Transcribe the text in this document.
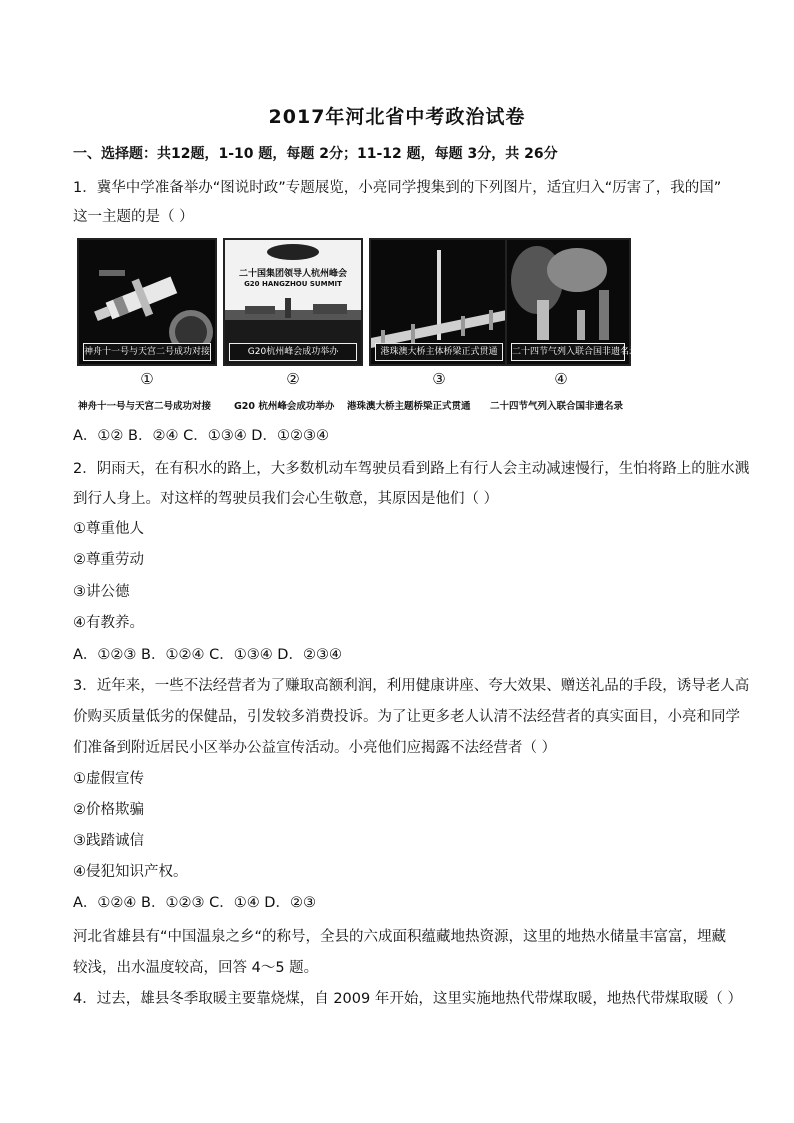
2017年河北省中考政治试卷
一、选择题：共12题，1-10 题，每题 2分；11-12 题，每题 3分，共 26分
1．冀华中学准备举办“图说时政”专题展览，小亮同学搜集到的下列图片，适宜归入“厉害了，我的国”
这一主题的是（ ）
神舟十一号与天宫二号成功对接
二十国集团领导人杭州峰会
G20 HANGZHOU SUMMIT
G20杭州峰会成功举办	港珠澳大桥主体桥梁正式贯通	二十四节气列入联合国非遗名录
①	②	③	④
神舟十一号与天宫二号成功对接 G20 杭州峰会成功举办 港珠澳大桥主题桥梁正式贯通 二十四节气列入联合国非遗名录
A．①② B．②④ C．①③④ D．①②③④
2．阴雨天，在有积水的路上，大多数机动车驾驶员看到路上有行人会主动减速慢行，生怕将路上的脏水溅
到行人身上。对这样的驾驶员我们会心生敬意，其原因是他们（ ）
①尊重他人
②尊重劳动
③讲公德
④有教养。
A．①②③ B．①②④ C．①③④ D．②③④
3．近年来，一些不法经营者为了赚取高额利润，利用健康讲座、夸大效果、赠送礼品的手段，诱导老人高
价购买质量低劣的保健品，引发较多消费投诉。为了让更多老人认清不法经营者的真实面目，小亮和同学
们准备到附近居民小区举办公益宣传活动。小亮他们应揭露不法经营者（ ）
①虚假宣传
②价格欺骗
③践踏诚信
④侵犯知识产权。
A．①②④ B．①②③ C．①④ D．②③
河北省雄县有“中国温泉之乡“的称号，全县的六成面积蕴藏地热资源，这里的地热水储量丰富富，埋藏
较浅，出水温度较高，回答 4～5 题。
4．过去，雄县冬季取暖主要靠烧煤，自 2009 年开始，这里实施地热代带煤取暖，地热代带煤取暖（ ）
